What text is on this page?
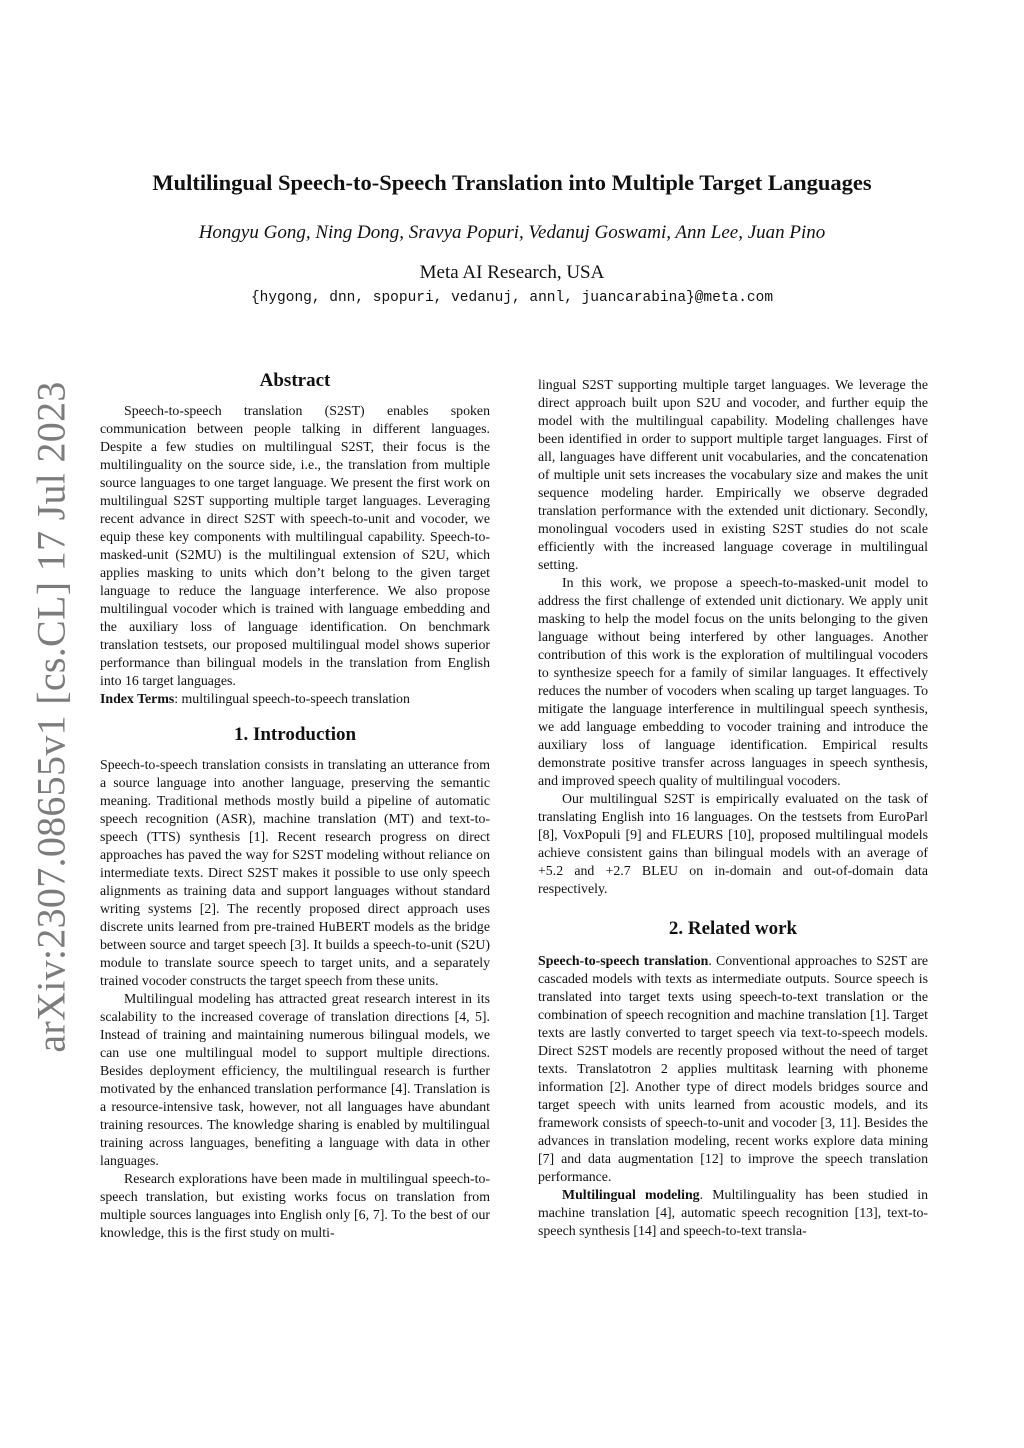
arXiv:2307.08655v1 [cs.CL] 17 Jul 2023
Multilingual Speech-to-Speech Translation into Multiple Target Languages
Hongyu Gong, Ning Dong, Sravya Popuri, Vedanuj Goswami, Ann Lee, Juan Pino
Meta AI Research, USA
{hygong, dnn, spopuri, vedanuj, annl, juancarabina}@meta.com
Abstract

Speech-to-speech translation (S2ST) enables spoken communication between people talking in different languages. Despite a few studies on multilingual S2ST, their focus is the multilinguality on the source side, i.e., the translation from multiple source languages to one target language. We present the first work on multilingual S2ST supporting multiple target languages. Leveraging recent advance in direct S2ST with speech-to-unit and vocoder, we equip these key components with multilingual capability. Speech-to-masked-unit (S2MU) is the multilingual extension of S2U, which applies masking to units which don’t belong to the given target language to reduce the language interference. We also propose multilingual vocoder which is trained with language embedding and the auxiliary loss of language identification. On benchmark translation testsets, our proposed multilingual model shows superior performance than bilingual models in the translation from English into 16 target languages.

Index Terms: multilingual speech-to-speech translation

1. Introduction

Speech-to-speech translation consists in translating an utterance from a source language into another language, preserving the semantic meaning. Traditional methods mostly build a pipeline of automatic speech recognition (ASR), machine translation (MT) and text-to-speech (TTS) synthesis [1]. Recent research progress on direct approaches has paved the way for S2ST modeling without reliance on intermediate texts. Direct S2ST makes it possible to use only speech alignments as training data and support languages without standard writing systems [2]. The recently proposed direct approach uses discrete units learned from pre-trained HuBERT models as the bridge between source and target speech [3]. It builds a speech-to-unit (S2U) module to translate source speech to target units, and a separately trained vocoder constructs the target speech from these units.

Multilingual modeling has attracted great research interest in its scalability to the increased coverage of translation directions [4, 5]. Instead of training and maintaining numerous bilingual models, we can use one multilingual model to support multiple directions. Besides deployment efficiency, the multilingual research is further motivated by the enhanced translation performance [4]. Translation is a resource-intensive task, however, not all languages have abundant training resources. The knowledge sharing is enabled by multilingual training across languages, benefiting a language with data in other languages.

Research explorations have been made in multilingual speech-to-speech translation, but existing works focus on translation from multiple sources languages into English only [6, 7]. To the best of our knowledge, this is the first study on multi-

lingual S2ST supporting multiple target languages. We leverage the direct approach built upon S2U and vocoder, and further equip the model with the multilingual capability. Modeling challenges have been identified in order to support multiple target languages. First of all, languages have different unit vocabularies, and the concatenation of multiple unit sets increases the vocabulary size and makes the unit sequence modeling harder. Empirically we observe degraded translation performance with the extended unit dictionary. Secondly, monolingual vocoders used in existing S2ST studies do not scale efficiently with the increased language coverage in multilingual setting.

In this work, we propose a speech-to-masked-unit model to address the first challenge of extended unit dictionary. We apply unit masking to help the model focus on the units belonging to the given language without being interfered by other languages. Another contribution of this work is the exploration of multilingual vocoders to synthesize speech for a family of similar languages. It effectively reduces the number of vocoders when scaling up target languages. To mitigate the language interference in multilingual speech synthesis, we add language embedding to vocoder training and introduce the auxiliary loss of language identification. Empirical results demonstrate positive transfer across languages in speech synthesis, and improved speech quality of multilingual vocoders.

Our multilingual S2ST is empirically evaluated on the task of translating English into 16 languages. On the testsets from EuroParl [8], VoxPopuli [9] and FLEURS [10], proposed multilingual models achieve consistent gains than bilingual models with an average of +5.2 and +2.7 BLEU on in-domain and out-of-domain data respectively.

2. Related work

Speech-to-speech translation. Conventional approaches to S2ST are cascaded models with texts as intermediate outputs. Source speech is translated into target texts using speech-to-text translation or the combination of speech recognition and machine translation [1]. Target texts are lastly converted to target speech via text-to-speech models. Direct S2ST models are recently proposed without the need of target texts. Translatotron 2 applies multitask learning with phoneme information [2]. Another type of direct models bridges source and target speech with units learned from acoustic models, and its framework consists of speech-to-unit and vocoder [3, 11]. Besides the advances in translation modeling, recent works explore data mining [7] and data augmentation [12] to improve the speech translation performance.

Multilingual modeling. Multilinguality has been studied in machine translation [4], automatic speech recognition [13], text-to-speech synthesis [14] and speech-to-text transla-
